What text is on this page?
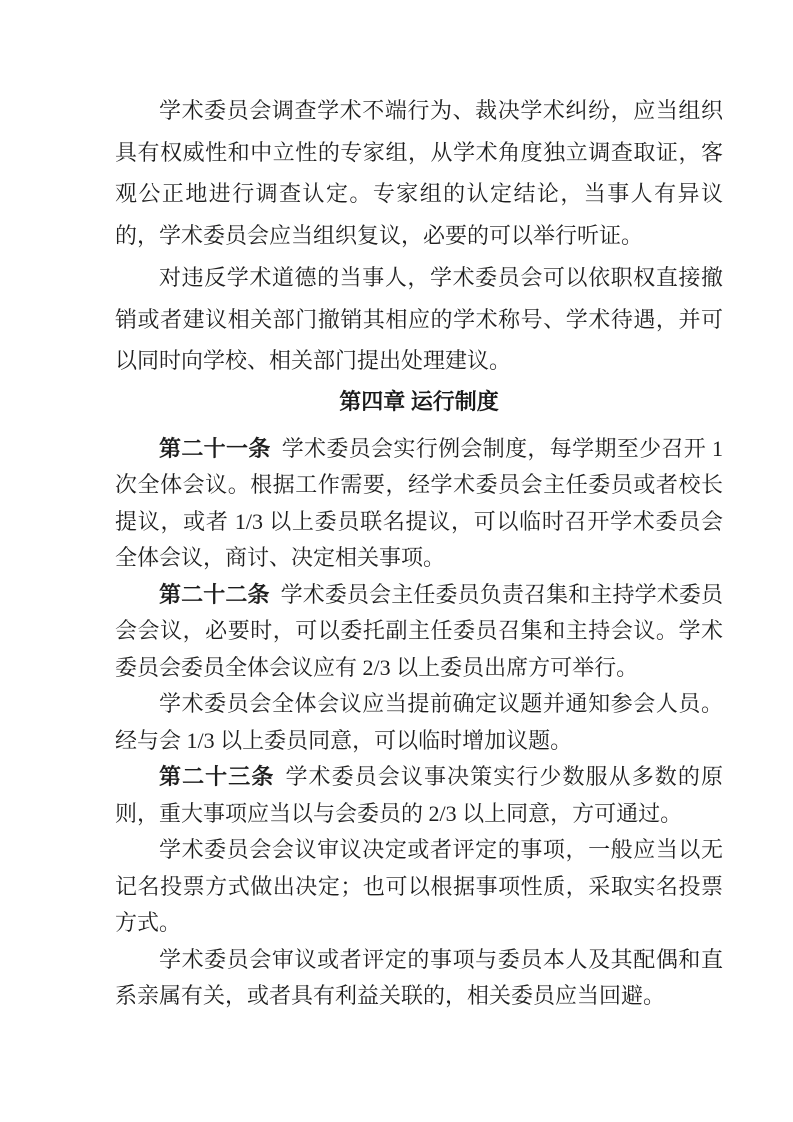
学术委员会调查学术不端行为、裁决学术纠纷，应当组织具有权威性和中立性的专家组，从学术角度独立调查取证，客观公正地进行调查认定。专家组的认定结论，当事人有异议的，学术委员会应当组织复议，必要的可以举行听证。

对违反学术道德的当事人，学术委员会可以依职权直接撤销或者建议相关部门撤销其相应的学术称号、学术待遇，并可以同时向学校、相关部门提出处理建议。

第四章 运行制度

第二十一条 学术委员会实行例会制度，每学期至少召开 1 次全体会议。根据工作需要，经学术委员会主任委员或者校长提议，或者 1/3 以上委员联名提议，可以临时召开学术委员会全体会议，商讨、决定相关事项。

第二十二条 学术委员会主任委员负责召集和主持学术委员会会议，必要时，可以委托副主任委员召集和主持会议。学术委员会委员全体会议应有 2/3 以上委员出席方可举行。

学术委员会全体会议应当提前确定议题并通知参会人员。经与会 1/3 以上委员同意，可以临时增加议题。

第二十三条 学术委员会议事决策实行少数服从多数的原则，重大事项应当以与会委员的 2/3 以上同意，方可通过。

学术委员会会议审议决定或者评定的事项，一般应当以无记名投票方式做出决定；也可以根据事项性质，采取实名投票方式。

学术委员会审议或者评定的事项与委员本人及其配偶和直系亲属有关，或者具有利益关联的，相关委员应当回避。
